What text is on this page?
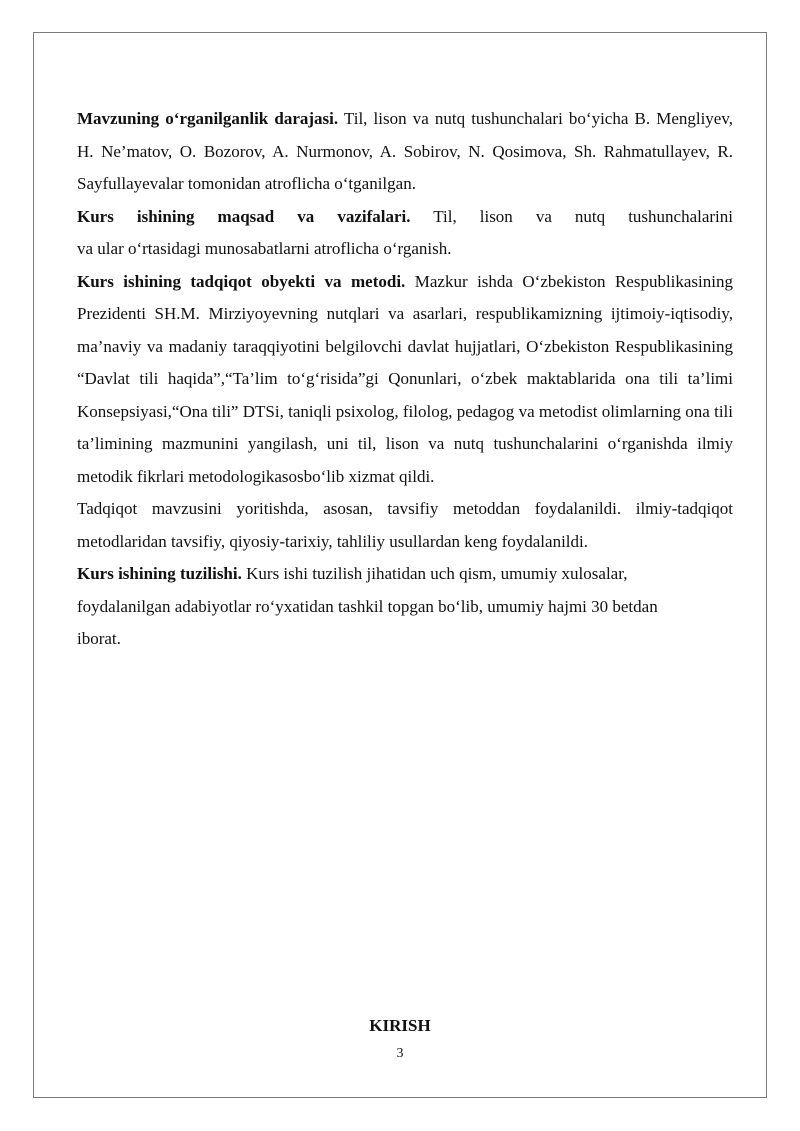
Mavzuning o‘rganilganlik darajasi. Til, lison va nutq tushunchalari bo‘yicha B. Mengliyev, H. Ne’matov, O. Bozorov, A. Nurmonov, A. Sobirov, N. Qosimova, Sh. Rahmatullayev, R. Sayfullayevalar tomonidan atroflicha o‘tganilgan.

Kurs ishining maqsad va vazifalari. Til, lison va nutq tushunchalarini

va ular o‘rtasidagi munosabatlarni atroflicha o‘rganish.

Kurs ishining tadqiqot obyekti va metodi. Mazkur ishda O‘zbekiston Respublikasining Prezidenti SH.M. Mirziyoyevning nutqlari va asarlari, respublikamizning ijtimoiy-iqtisodiy, ma’naviy va madaniy taraqqiyotini belgilovchi davlat hujjatlari, O‘zbekiston Respublikasining “Davlat tili haqida”,“Ta’lim to‘g‘risida”gi Qonunlari, o‘zbek maktablarida ona tili ta’limi Konsepsiyasi,“Ona tili” DTSi, taniqli psixolog, filolog, pedagog va metodist olimlarning ona tili ta’limining mazmunini yangilash, uni til, lison va nutq tushunchalarini o‘rganishda ilmiy metodik fikrlari metodologikasosbo‘lib xizmat qildi.

Tadqiqot mavzusini yoritishda, asosan, tavsifiy metoddan foydalanildi. ilmiy-tadqiqot metodlaridan tavsifiy, qiyosiy-tarixiy, tahliliy usullardan keng foydalanildi.

Kurs ishining tuzilishi. Kurs ishi tuzilish jihatidan uch qism, umumiy xulosalar,

foydalanilgan adabiyotlar ro‘yxatidan tashkil topgan bo‘lib, umumiy hajmi 30 betdan

iborat.

KIRISH
3
